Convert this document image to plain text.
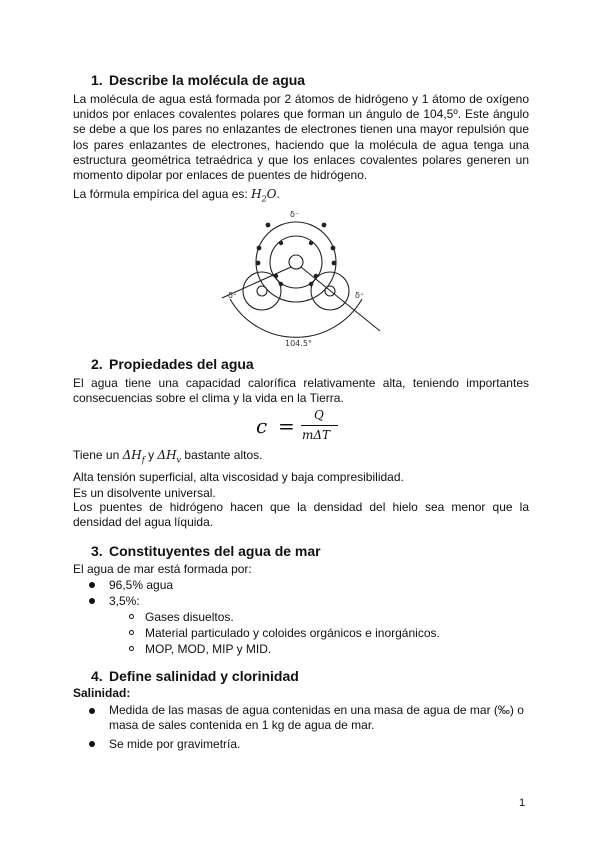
1. Describe la molécula de agua

La molécula de agua está formada por 2 átomos de hidrógeno y 1 átomo de oxígeno unidos por enlaces covalentes polares que forman un ángulo de 104,5º. Este ángulo se debe a que los pares no enlazantes de electrones tienen una mayor repulsión que los pares enlazantes de electrones, haciendo que la molécula de agua tenga una estructura geométrica tetraédrica y que los enlaces covalentes polares generen un momento dipolar por enlaces de puentes de hidrógeno.

La fórmula empírica del agua es: $H_2O$.

δ⁻
δ⁺	δ⁺
104.5°
2. Propiedades del agua

El agua tiene una capacidad calorífica relativamente alta, teniendo importantes consecuencias sobre el clima y la vida en la Tierra.

c = Q
mΔT

Tiene un $\Delta H_f$ y $\Delta H_v$ bastante altos.

Alta tensión superficial, alta viscosidad y baja compresibilidad.

Es un disolvente universal.

Los puentes de hidrógeno hacen que la densidad del hielo sea menor que la densidad del agua líquida.

3. Constituyentes del agua de mar

El agua de mar está formada por:

96,5% agua
3,5%:
Gases disueltos.
Material particulado y coloides orgánicos e inorgánicos.
MOP, MOD, MIP y MID.
4. Define salinidad y clorinidad

Salinidad:

Medida de las masas de agua contenidas en una masa de agua de mar (‰) o masa de sales contenida en 1 kg de agua de mar.

Se mide por gravimetría.
1
